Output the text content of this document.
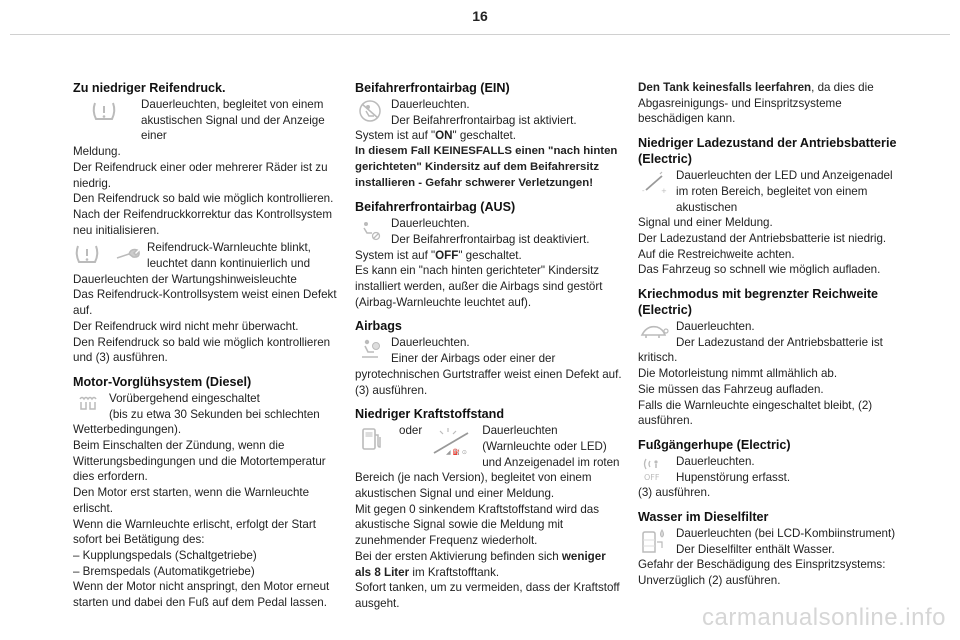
16
Zu niedriger Reifendruck.
Dauerleuchten, begleitet von einem akustischen Signal und der Anzeige einer

Meldung.
Der Reifendruck einer oder mehrerer Räder ist zu niedrig.
Den Reifendruck so bald wie möglich kontrollieren.
Nach der Reifendruckkorrektur das Kontrollsystem neu initialisieren.

Reifendruck-Warnleuchte blinkt, leuchtet dann kontinuierlich und

Dauerleuchten der Wartungshinweisleuchte
Das Reifendruck-Kontrollsystem weist einen Defekt auf.
Der Reifendruck wird nicht mehr überwacht.
Den Reifendruck so bald wie möglich kontrollieren und (3) ausführen.

Motor-Vorglühsystem (Diesel)
Vorübergehend eingeschaltet
(bis zu etwa 30 Sekunden bei schlechten

Wetterbedingungen).
Beim Einschalten der Zündung, wenn die Witterungsbedingungen und die Motortemperatur dies erfordern.
Den Motor erst starten, wenn die Warnleuchte erlischt.
Wenn die Warnleuchte erlischt, erfolgt der Start sofort bei Betätigung des:
– Kupplungspedals (Schaltgetriebe)
– Bremspedals (Automatikgetriebe)
Wenn der Motor nicht anspringt, den Motor erneut starten und dabei den Fuß auf dem Pedal lassen.

Beifahrerfrontairbag (EIN)
Dauerleuchten.
Der Beifahrerfrontairbag ist aktiviert.

System ist auf "ON" geschaltet.

In diesem Fall KEINESFALLS einen "nach hinten gerichteten" Kindersitz auf dem Beifahrersitz installieren - Gefahr schwerer Verletzungen!

Beifahrerfrontairbag (AUS)
Dauerleuchten.
Der Beifahrerfrontairbag ist deaktiviert.

System ist auf "OFF" geschaltet.

Es kann ein "nach hinten gerichteter" Kindersitz installiert werden, außer die Airbags sind gestört (Airbag-Warnleuchte leuchtet auf).

Airbags
Dauerleuchten.
Einer der Airbags oder einer der

pyrotechnischen Gurtstraffer weist einen Defekt auf.
(3) ausführen.

Niedriger Kraftstoffstand
oder
◢ ⛽ ⊙
Dauerleuchten (Warnleuchte oder LED) und Anzeigenadel im roten

Bereich (je nach Version), begleitet von einem akustischen Signal und einer Meldung.
Mit gegen 0 sinkendem Kraftstoffstand wird das akustische Signal sowie die Meldung mit zunehmender Frequenz wiederholt.

Bei der ersten Aktivierung befinden sich weniger als 8 Liter im Kraftstofftank.

Sofort tanken, um zu vermeiden, dass der Kraftstoff ausgeht.

Den Tank keinesfalls leerfahren, da dies die Abgasreinigungs- und Einspritzsysteme beschädigen kann.

Niedriger Ladezustand der Antriebsbatterie (Electric)
- +
Dauerleuchten der LED und Anzeigenadel im roten Bereich, begleitet von einem akustischen

Signal und einer Meldung.
Der Ladezustand der Antriebsbatterie ist niedrig.
Auf die Restreichweite achten.
Das Fahrzeug so schnell wie möglich aufladen.

Kriechmodus mit begrenzter Reichweite (Electric)
Dauerleuchten.
Der Ladezustand der Antriebsbatterie ist

kritisch.
Die Motorleistung nimmt allmählich ab.
Sie müssen das Fahrzeug aufladen.
Falls die Warnleuchte eingeschaltet bleibt, (2) ausführen.

Fußgängerhupe (Electric)
OFF
Dauerleuchten.
Hupenstörung erfasst.

(3) ausführen.

Wasser im Dieselfilter
Dauerleuchten (bei LCD-Kombiinstrument)
Der Dieselfilter enthält Wasser.

Gefahr der Beschädigung des Einspritzsystems: Unverzüglich (2) ausführen.

carmanualsonline.info
